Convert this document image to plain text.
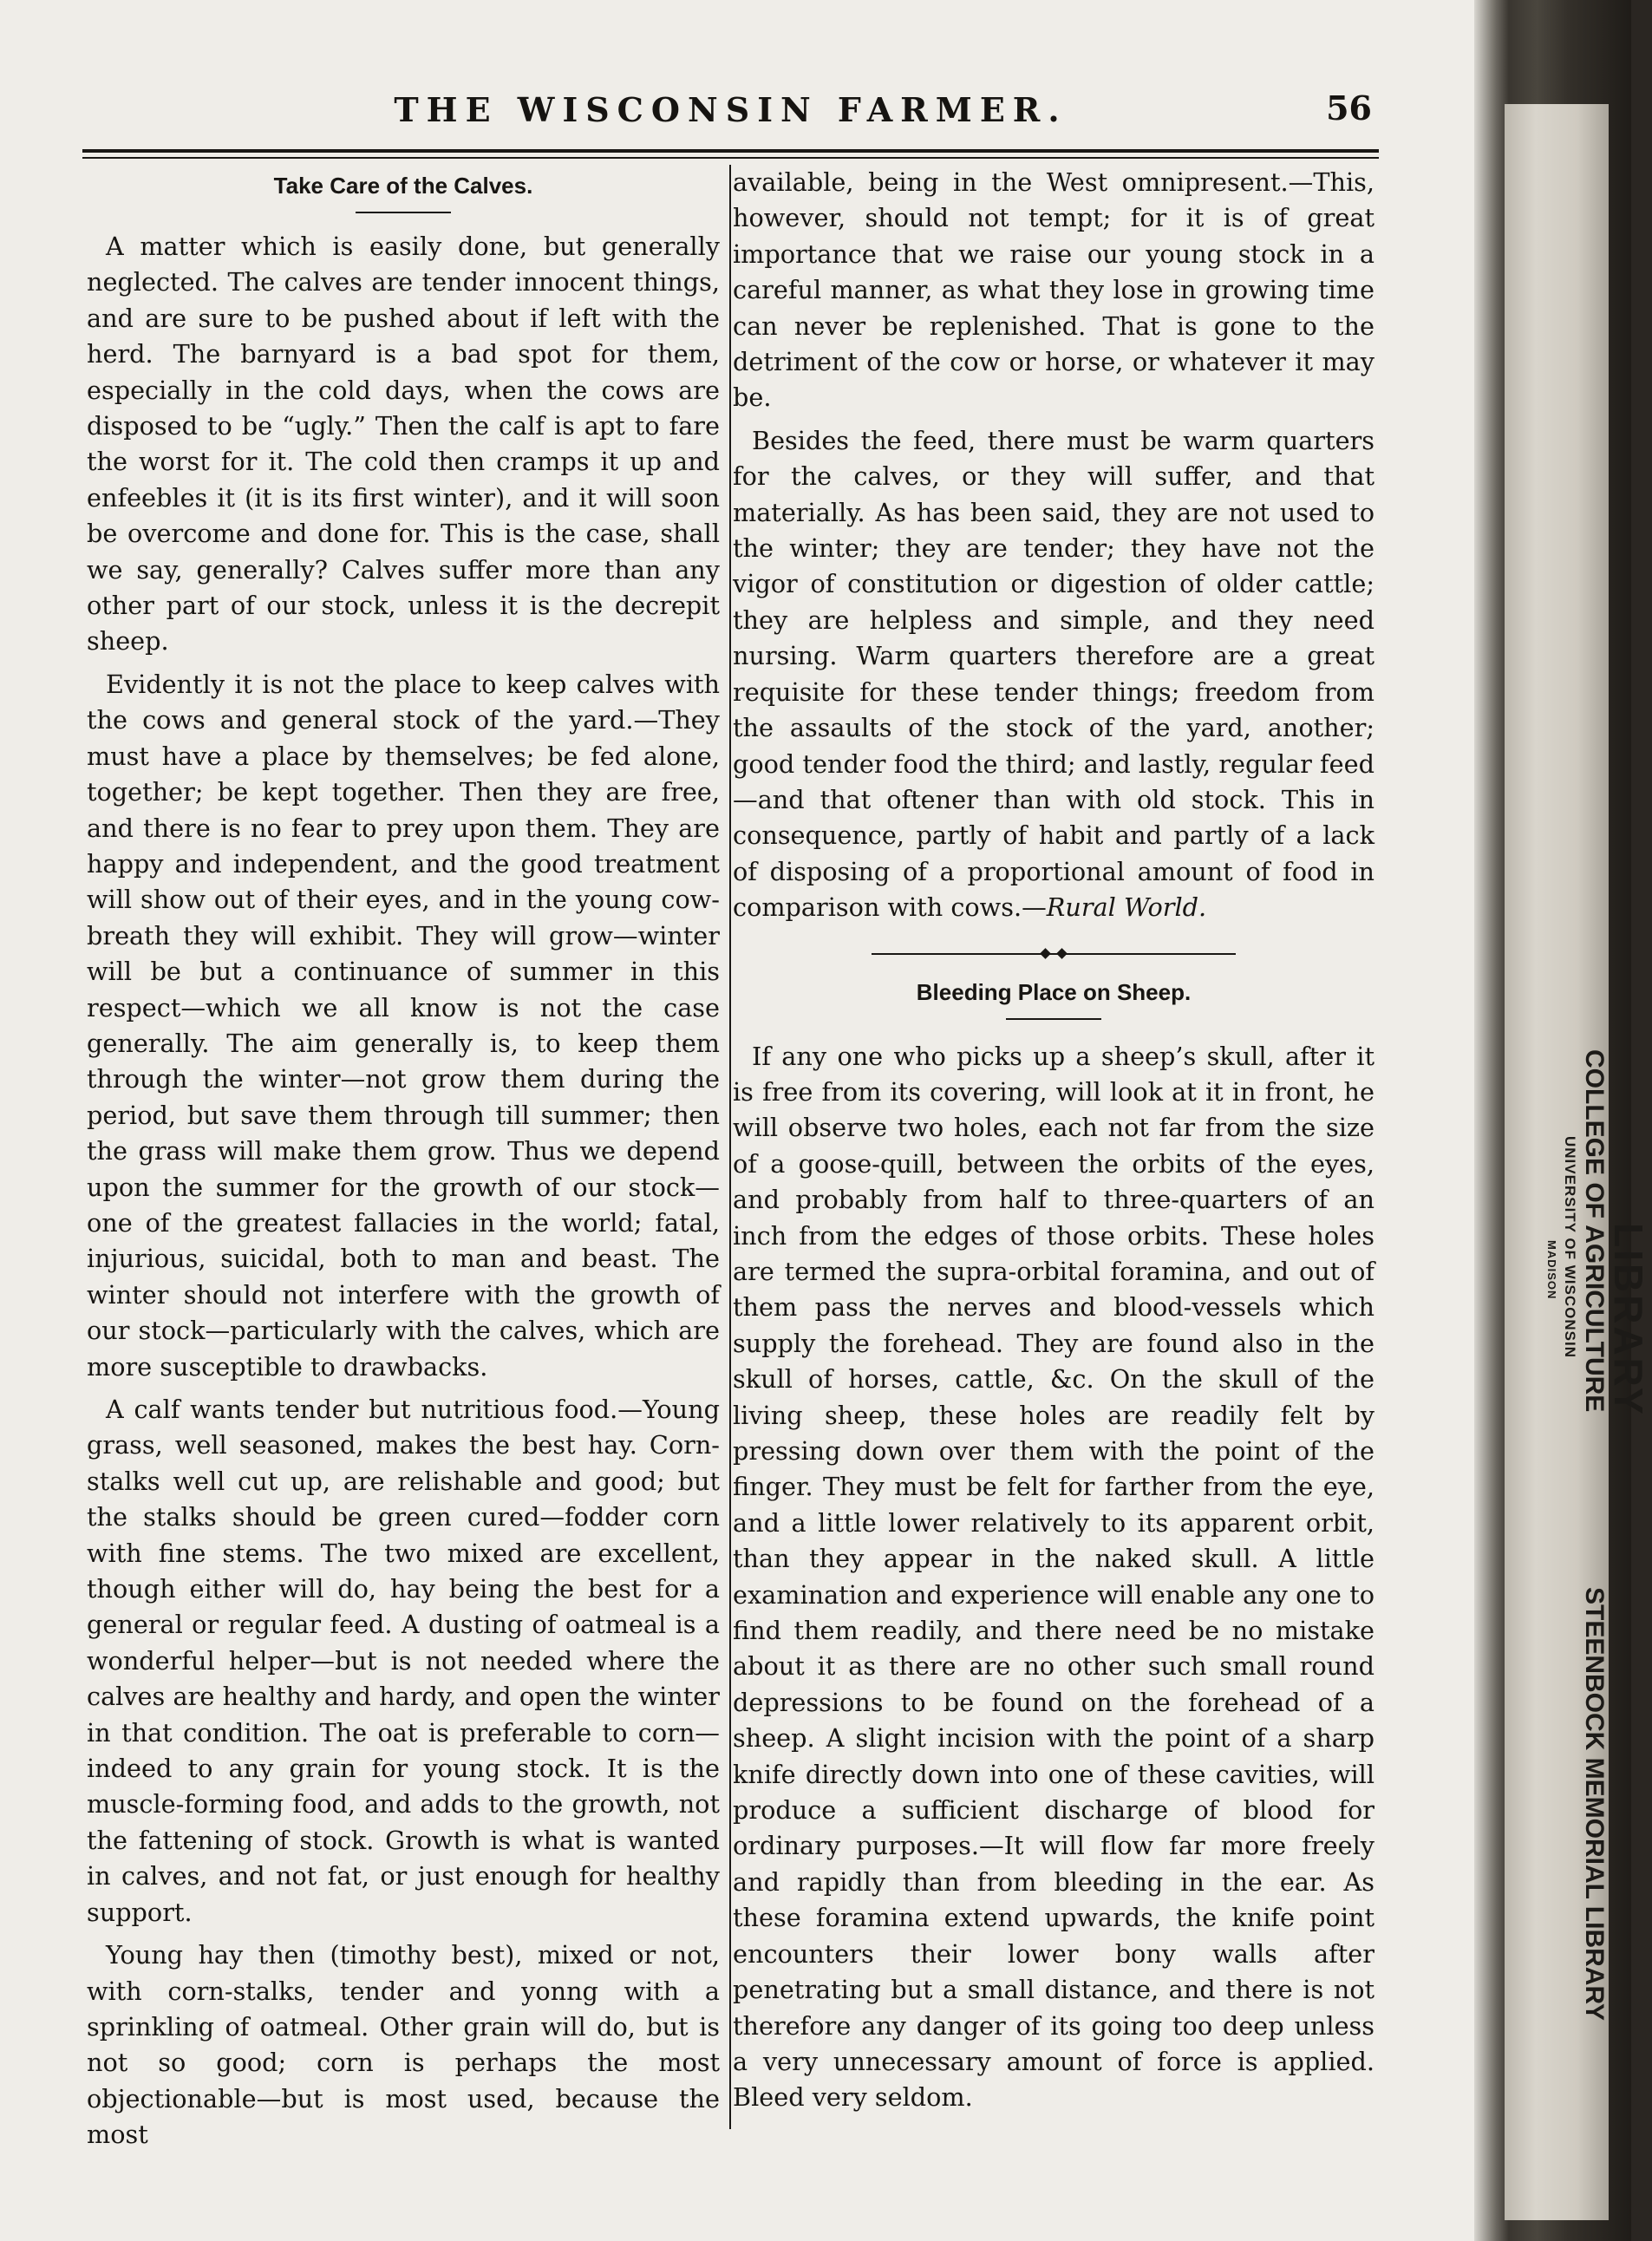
THE WISCONSIN FARMER.	56
Take Care of the Calves.

A matter which is easily done, but generally neglected. The calves are tender innocent things, and are sure to be pushed about if left with the herd. The barnyard is a bad spot for them, especially in the cold days, when the cows are disposed to be “ugly.” Then the calf is apt to fare the worst for it. The cold then cramps it up and enfeebles it (it is its first winter), and it will soon be overcome and done for. This is the case, shall we say, generally? Calves suffer more than any other part of our stock, unless it is the decrepit sheep.

Evidently it is not the place to keep calves with the cows and general stock of the yard.—They must have a place by themselves; be fed alone, together; be kept together. Then they are free, and there is no fear to prey upon them. They are happy and independent, and the good treatment will show out of their eyes, and in the young cow-breath they will exhibit. They will grow—winter will be but a continuance of summer in this respect—which we all know is not the case generally. The aim generally is, to keep them through the winter—not grow them during the period, but save them through till summer; then the grass will make them grow. Thus we depend upon the summer for the growth of our stock—one of the greatest fallacies in the world; fatal, injurious, suicidal, both to man and beast. The winter should not interfere with the growth of our stock—particularly with the calves, which are more susceptible to drawbacks.

A calf wants tender but nutritious food.—Young grass, well seasoned, makes the best hay. Corn-stalks well cut up, are relishable and good; but the stalks should be green cured—fodder corn with fine stems. The two mixed are excellent, though either will do, hay being the best for a general or regular feed. A dusting of oatmeal is a wonderful helper—but is not needed where the calves are healthy and hardy, and open the winter in that condition. The oat is preferable to corn—indeed to any grain for young stock. It is the muscle-forming food, and adds to the growth, not the fattening of stock. Growth is what is wanted in calves, and not fat, or just enough for healthy support.

Young hay then (timothy best), mixed or not, with corn-stalks, tender and yonng with a sprinkling of oatmeal. Other grain will do, but is not so good; corn is perhaps the most objectionable—but is most used, because the most

available, being in the West omnipresent.—This, however, should not tempt; for it is of great importance that we raise our young stock in a careful manner, as what they lose in growing time can never be replenished. That is gone to the detriment of the cow or horse, or whatever it may be.

Besides the feed, there must be warm quarters for the calves, or they will suffer, and that materially. As has been said, they are not used to the winter; they are tender; they have not the vigor of constitution or digestion of older cattle; they are helpless and simple, and they need nursing. Warm quarters therefore are a great requisite for these tender things; freedom from the assaults of the stock of the yard, another; good tender food the third; and lastly, regular feed—and that oftener than with old stock. This in consequence, partly of habit and partly of a lack of disposing of a proportional amount of food in comparison with cows.—Rural World.

Bleeding Place on Sheep.

If any one who picks up a sheep’s skull, after it is free from its covering, will look at it in front, he will observe two holes, each not far from the size of a goose-quill, between the orbits of the eyes, and probably from half to three-quarters of an inch from the edges of those orbits. These holes are termed the supra-orbital foramina, and out of them pass the nerves and blood-vessels which supply the forehead. They are found also in the skull of horses, cattle, &c. On the skull of the living sheep, these holes are readily felt by pressing down over them with the point of the finger. They must be felt for farther from the eye, and a little lower relatively to its apparent orbit, than they appear in the naked skull. A little examination and experience will enable any one to find them readily, and there need be no mistake about it as there are no other such small round depressions to be found on the forehead of a sheep. A slight incision with the point of a sharp knife directly down into one of these cavities, will produce a sufficient discharge of blood for ordinary purposes.—It will flow far more freely and rapidly than from bleeding in the ear. As these foramina extend upwards, the knife point encounters their lower bony walls after penetrating but a small distance, and there is not therefore any danger of its going too deep unless a very unnecessary amount of force is applied. Bleed very seldom.

LIBRARY
COLLEGE OF AGRICULTURE
UNIVERSITY OF WISCONSIN
MADISON
STEENBOCK MEMORIAL LIBRARY
